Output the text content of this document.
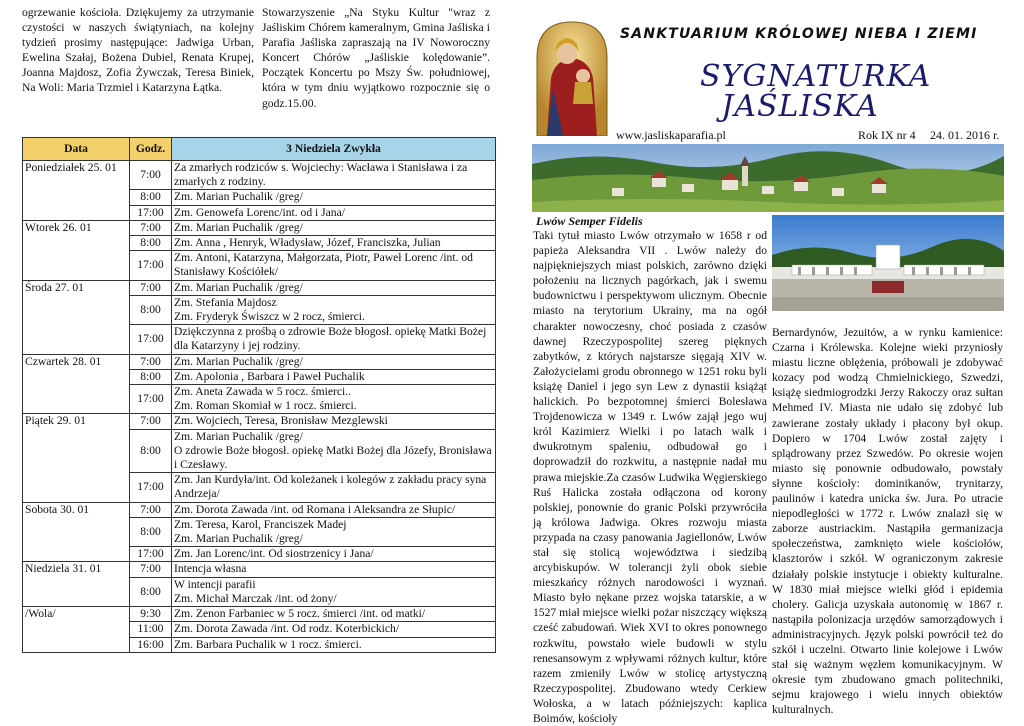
ogrzewanie kościoła. Dziękujemy za utrzymanie czystości w naszych świątyniach, na kolejny tydzień prosimy następujące: Jadwiga Urban, Ewelina Szałaj, Bożena Dubiel, Renata Krupej, Joanna Majdosz, Zofia Żywczak, Teresa Biniek, Na Woli: Maria Trzmiel i Katarzyna Łątka.

Stowarzyszenie „Na Styku Kultur "wraz z Jaśliskim Chórem kameralnym, Gmina Jaśliska i Parafia Jaśliska zapraszają na IV Noworoczny Koncert Chórów „Jaśliskie kolędowanie”. Początek Koncertu po Mszy Św. południowej, która w tym dniu wyjątkowo rozpocznie się o godz.15.00.

Data	Godz.	3 Niedziela Zwykła
Poniedziałek 25. 01	7:00	Za zmarłych rodziców s. Wojciechy: Wacława i Stanisława i za zmarłych z rodziny.
	8:00	Zm. Marian Puchalik /greg/
	17:00	Zm. Genowefa Lorenc/int. od i Jana/
Wtorek 26. 01	7:00	Zm. Marian Puchalik /greg/
	8:00	Zm. Anna , Henryk, Władysław, Józef, Franciszka, Julian
	17:00	Zm. Antoni, Katarzyna, Małgorzata, Piotr, Paweł Lorenc /int. od Stanisławy Kościółek/
Środa 27. 01	7:00	Zm. Marian Puchalik /greg/
	8:00	Zm. Stefania Majdosz
Zm. Fryderyk Świszcz w 2 rocz, śmierci.
	17:00	Dziękczynna z prośbą o zdrowie Boże błogosł. opiekę Matki Bożej dla Katarzyny i jej rodziny.
Czwartek 28. 01	7:00	Zm. Marian Puchalik /greg/
	8:00	Zm. Apolonia , Barbara i Paweł Puchalik
	17:00	Zm. Aneta Zawada w 5 rocz. śmierci..
Zm. Roman Skomiał w 1 rocz. śmierci.
Piątek 29. 01	7:00	Zm. Wojciech, Teresa, Bronisław Mezglewski
	8:00	Zm. Marian Puchalik /greg/
O zdrowie Boże błogosł. opiekę Matki Bożej dla Józefy, Bronisława i Czesławy.
	17:00	Zm. Jan Kurdyła/int. Od koleżanek i kolegów z zakładu pracy syna Andrzeja/
Sobota 30. 01	7:00	Zm. Dorota Zawada /int. od Romana i Aleksandra ze Słupic/
	8:00	Zm. Teresa, Karol, Franciszek Madej
Zm. Marian Puchalik /greg/
	17:00	Zm. Jan Lorenc/int. Od siostrzenicy i Jana/
Niedziela 31. 01	7:00	Intencja własna
	8:00	W intencji parafii
Zm. Michał Marczak /int. od żony/
/Wola/	9:30	Zm. Zenon Farbaniec w 5 rocz. śmierci /int. od matki/
	11:00	Zm. Dorota Zawada /int. Od rodz. Koterbickich/
	16:00	Zm. Barbara Puchalik w 1 rocz. śmierci.
SANKTUARIUM KRÓLOWEJ NIEBA I ZIEMI
SYGNATURKA
JAŚLISKA
www.jasliskaparafia.pl	Rok IX nr 4 24. 01. 2016 r.
Lwów Semper Fidelis

Taki tytuł miasto Lwów otrzymało w 1658 r od papieża Aleksandra VII . Lwów należy do najpiękniejszych miast polskich, zarówno dzięki położeniu na licznych pagórkach, jak i swemu budownictwu i perspektywom ulicznym. Obecnie miasto na terytorium Ukrainy, ma na ogół charakter nowoczesny, choć posiada z czasów dawnej Rzeczypospolitej szereg pięknych zabytków, z których najstarsze sięgają XIV w. Założycielami grodu obronnego w 1251 roku byli książę Daniel i jego syn Lew z dynastii książąt halickich. Po bezpotomnej śmierci Bolesława Trojdenowicza w 1349 r. Lwów zajął jego wuj król Kazimierz Wielki i po latach walk i dwukrotnym spaleniu, odbudował go i doprowadził do rozkwitu, a następnie nadał mu prawa miejskie.Za czasów Ludwika Węgierskiego Ruś Halicka została odłączona od korony polskiej, ponownie do granic Polski przywróciła ją królowa Jadwiga. Okres rozwoju miasta przypada na czasy panowania Jagiellonów, Lwów stał się stolicą województwa i siedzibą arcybiskupów. W tolerancji żyli obok siebie mieszkańcy różnych narodowości i wyznań. Miasto było nękane przez wojska tatarskie, a w 1527 miał miejsce wielki pożar niszczący większą cześć zabudowań. Wiek XVI to okres ponownego rozkwitu, powstało wiele budowli w stylu renesansowym z wpływami różnych kultur, które razem zmieniły Lwów w stolicę artystyczną Rzeczypospolitej. Zbudowano wtedy Cerkiew Wołoska, a w latach późniejszych: kaplica Boimów, kościoły

Bernardynów, Jezuitów, a w rynku kamienice: Czarna i Królewska. Kolejne wieki przyniosły miastu liczne oblężenia, próbowali je zdobywać kozacy pod wodzą Chmielnickiego, Szwedzi, książę siedmiogrodzki Jerzy Rakoczy oraz sułtan Mehmed IV. Miasta nie udało się zdobyć lub zawierane zostały układy i płacony był okup. Dopiero w 1704 Lwów został zajęty i splądrowany przez Szwedów. Po okresie wojen miasto się ponownie odbudowało, powstały słynne kościoły: dominikanów, trynitarzy, paulinów i katedra unicka św. Jura. Po utracie niepodległości w 1772 r. Lwów znalazł się w zaborze austriackim. Nastąpiła germanizacja społeczeństwa, zamknięto wiele kościołów, klasztorów i szkół. W ograniczonym zakresie działały polskie instytucje i obiekty kulturalne. W 1830 miał miejsce wielki głód i epidemia cholery. Galicja uzyskała autonomię w 1867 r. nastąpiła polonizacja urzędów samorządowych i administracyjnych. Język polski powrócił też do szkół i uczelni. Otwarto linie kolejowe i Lwów stał się ważnym węzłem komunikacyjnym. W okresie tym zbudowano gmach politechniki, sejmu krajowego i wielu innych obiektów kulturalnych.
